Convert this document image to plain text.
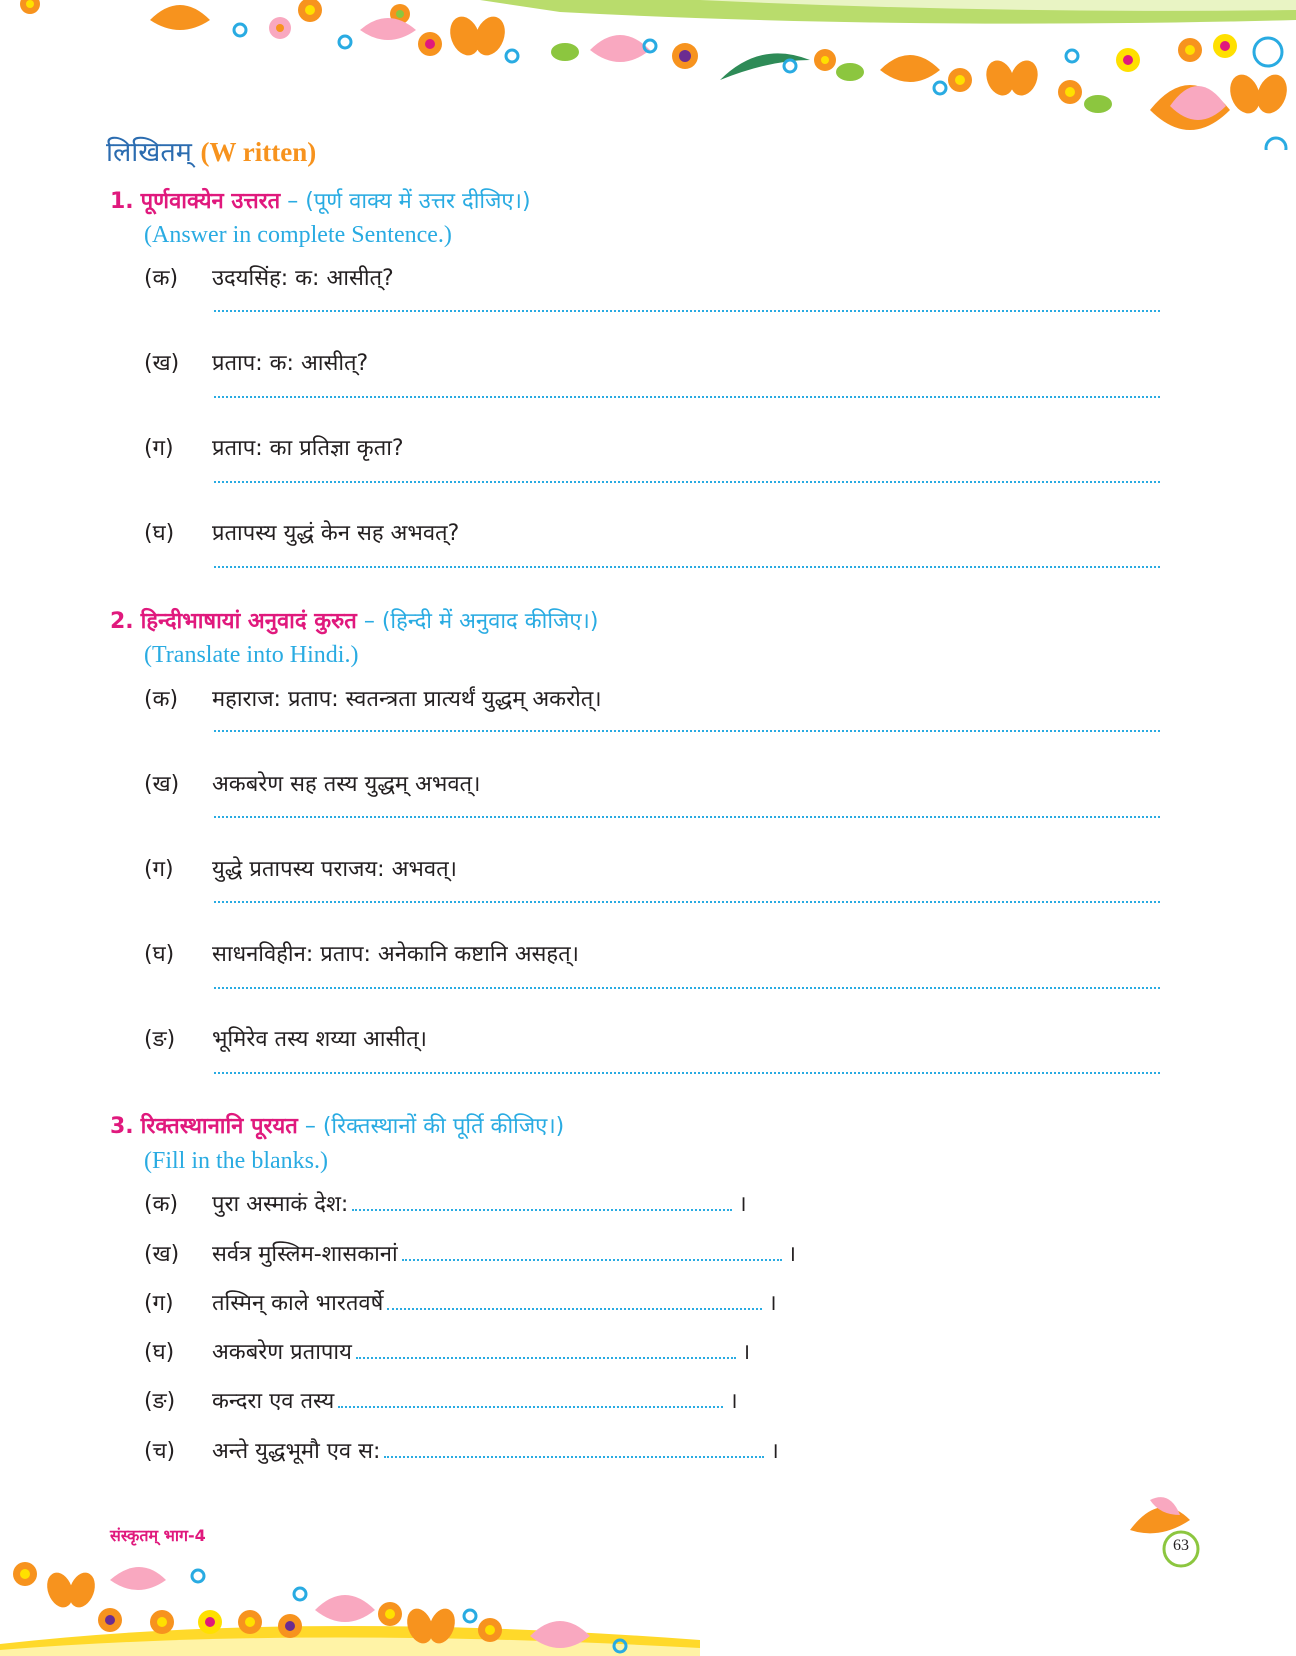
लिखितम् (W ritten)
1. पूर्णवाक्येन उत्तरत – (पूर्ण वाक्य में उत्तर दीजिए।)
(Answer in complete Sentence.)
(क) उदयसिंह: क: आसीत्?
(ख) प्रताप: क: आसीत्?
(ग) प्रताप: का प्रतिज्ञा कृता?
(घ) प्रतापस्य युद्धं केन सह अभवत्?
2. हिन्दीभाषायां अनुवादं कुरुत – (हिन्दी में अनुवाद कीजिए।)
(Translate into Hindi.)
(क) महाराज: प्रताप: स्वतन्त्रता प्रात्यर्थं युद्धम् अकरोत्।
(ख) अकबरेण सह तस्य युद्धम् अभवत्।
(ग) युद्धे प्रतापस्य पराजय: अभवत्।
(घ) साधनविहीन: प्रताप: अनेकानि कष्टानि असहत्।
(ङ) भूमिरेव तस्य शय्या आसीत्।
3. रिक्तस्थानानि पूरयत – (रिक्तस्थानों की पूर्ति कीजिए।)
(Fill in the blanks.)
(क) पुरा अस्माकं देश:	।
(ख) सर्वत्र मुस्लिम-शासकानां	।
(ग) तस्मिन् काले भारतवर्षे	।
(घ) अकबरेण प्रतापाय	।
(ङ) कन्दरा एव तस्य	।
(च) अन्ते युद्धभूमौ एव स:	।
संस्कृतम् भाग-4
63
